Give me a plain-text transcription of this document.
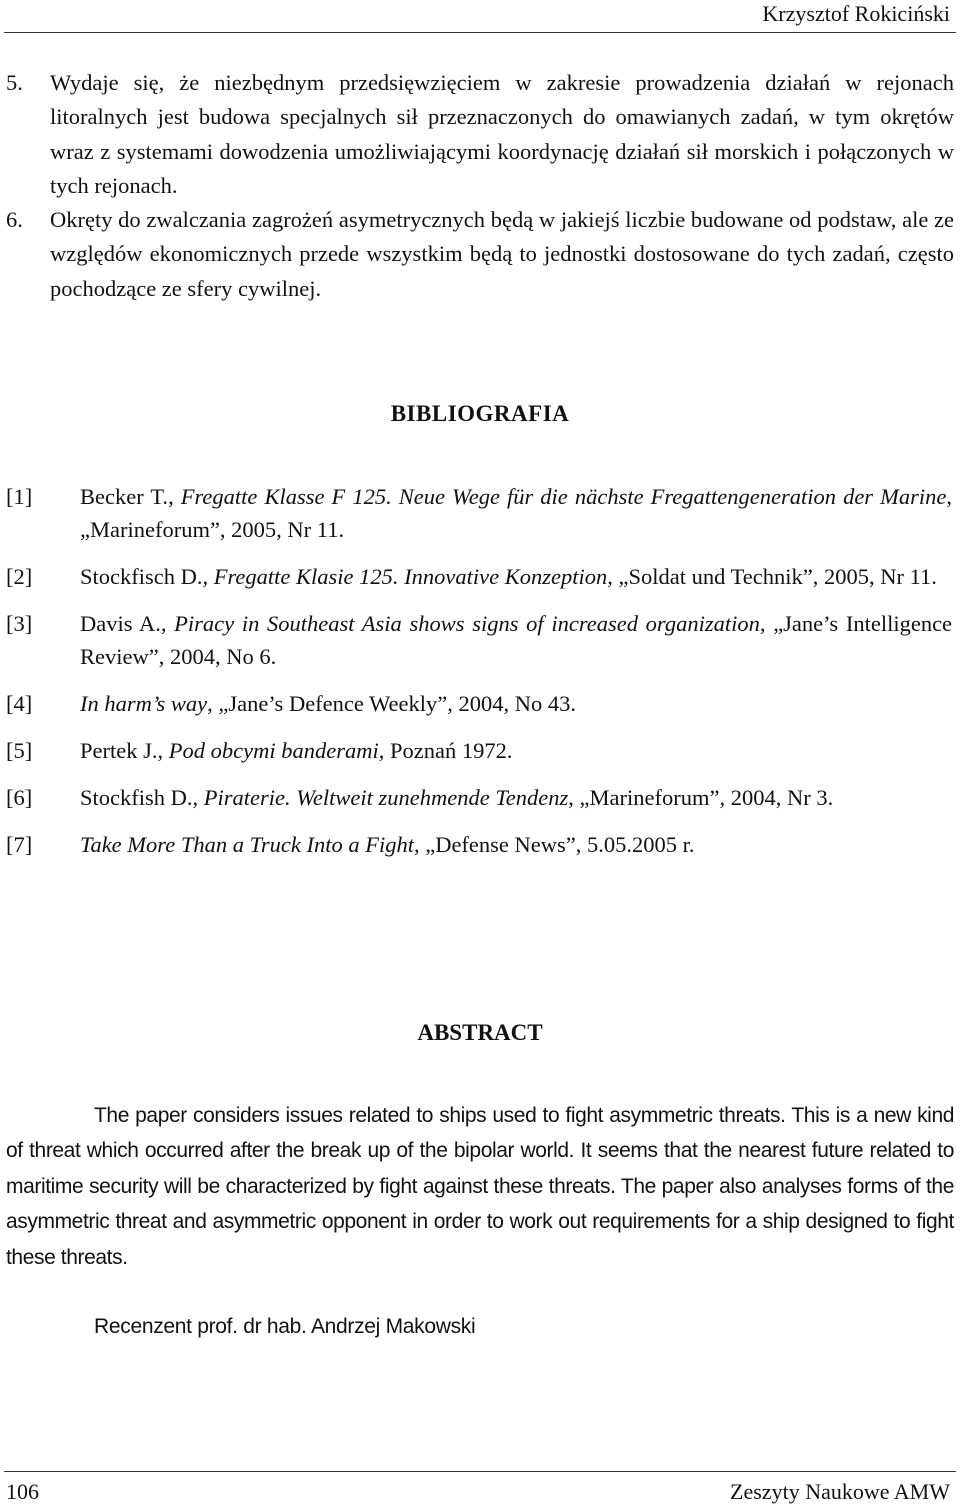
Krzysztof Rokiciński
5. Wydaje się, że niezbędnym przedsięwzięciem w zakresie prowadzenia działań w rejonach litoralnych jest budowa specjalnych sił przeznaczonych do omawianych zadań, w tym okrętów wraz z systemami dowodzenia umożliwiającymi koordynację działań sił morskich i połączonych w tych rejonach.
6. Okręty do zwalczania zagrożeń asymetrycznych będą w jakiejś liczbie budowane od podstaw, ale ze względów ekonomicznych przede wszystkim będą to jednostki dostosowane do tych zadań, często pochodzące ze sfery cywilnej.
BIBLIOGRAFIA
[1] Becker T., Fregatte Klasse F 125. Neue Wege für die nächste Fregattengeneration der Marine, „Marineforum”, 2005, Nr 11.
[2] Stockfisch D., Fregatte Klasie 125. Innovative Konzeption, „Soldat und Technik”, 2005, Nr 11.
[3] Davis A., Piracy in Southeast Asia shows signs of increased organization, „Jane’s Intelligence Review”, 2004, No 6.
[4] In harm’s way, „Jane’s Defence Weekly”, 2004, No 43.
[5] Pertek J., Pod obcymi banderami, Poznań 1972.
[6] Stockfish D., Piraterie. Weltweit zunehmende Tendenz, „Marineforum”, 2004, Nr 3.
[7] Take More Than a Truck Into a Fight, „Defense News”, 5.05.2005 r.
ABSTRACT
The paper considers issues related to ships used to fight asymmetric threats. This is a new kind of threat which occurred after the break up of the bipolar world. It seems that the nearest future related to maritime security will be characterized by fight against these threats. The paper also analyses forms of the asymmetric threat and asymmetric opponent in order to work out requirements for a ship designed to fight these threats.
Recenzent prof. dr hab. Andrzej Makowski
106	Zeszyty Naukowe AMW
